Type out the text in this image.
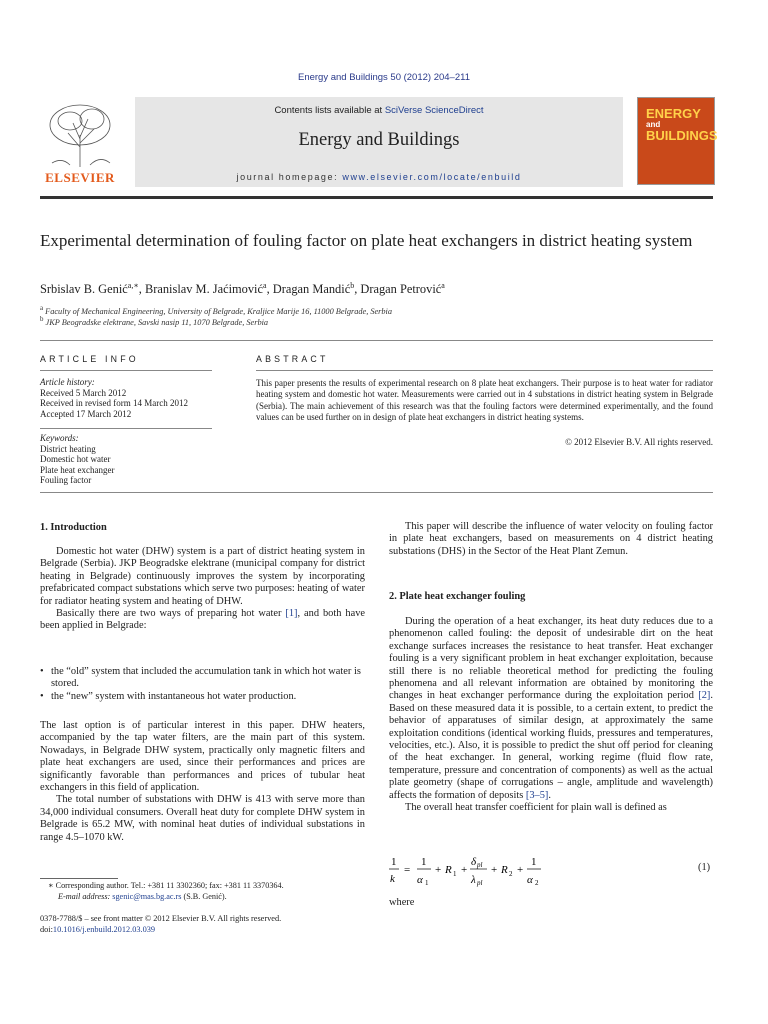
Energy and Buildings 50 (2012) 204–211
ELSEVIER
Contents lists available at SciVerse ScienceDirect
Energy and Buildings
journal homepage: www.elsevier.com/locate/enbuild
ENERGY
and
BUILDINGS
Experimental determination of fouling factor on plate heat exchangers in district heating system
Srbislav B. Genić$^{a,∗}$, Branislav M. Jaćimović$^a$, Dragan Mandić$^b$, Dragan Petrović$^a$
$^a$ Faculty of Mechanical Engineering, University of Belgrade, Kraljice Marije 16, 11000 Belgrade, Serbia
$^b$ JKP Beogradske elektrane, Savski nasip 11, 1070 Belgrade, Serbia
ARTICLE INFO
Article history:
Received 5 March 2012
Received in revised form 14 March 2012
Accepted 17 March 2012
Keywords:
District heating
Domestic hot water
Plate heat exchanger
Fouling factor
ABSTRACT
This paper presents the results of experimental research on 8 plate heat exchangers. Their purpose is to heat water for radiator heating system and domestic hot water. Measurements were carried out in 4 substations in district heating system in Belgrade (Serbia). The main achievement of this research was that the fouling factors were determined experimentally, and the found values can be used further on in design of plate heat exchangers in district heating systems.
© 2012 Elsevier B.V. All rights reserved.
1. Introduction

Domestic hot water (DHW) system is a part of district heating system in Belgrade (Serbia). JKP Beogradske elektrane (municipal company for district heating in Belgrade) continuously improves the system by incorporating prefabricated compact substations which serve two purposes: heating of water for radiator heating system and heating of DHW.

Basically there are two ways of preparing hot water [1], and both have been applied in Belgrade:

• the “old” system that included the accumulation tank in which hot water is stored.
• the “new” system with instantaneous hot water production.

The last option is of particular interest in this paper. DHW heaters, accompanied by the tap water filters, are the main part of this system. Nowadays, in Belgrade DHW system, practically only magnetic filters and plate heat exchangers are used, since their performances and prices are significantly favorable than performances and prices of tubular heat exchangers in this field of application.

The total number of substations with DHW is 413 with serve more than 34,000 individual consumers. Overall heat duty for complete DHW system in Belgrade is 65.2 MW, with nominal heat duties of individual substations in range 4.5–1070 kW.

This paper will describe the influence of water velocity on fouling factor in plate heat exchangers, based on measurements on 4 district heating substations (DHS) in the Sector of the Heat Plant Zemun.

2. Plate heat exchanger fouling

During the operation of a heat exchanger, its heat duty reduces due to a phenomenon called fouling: the deposit of undesirable dirt on the heat exchange surfaces increases the resistance to heat transfer. Heat exchanger fouling is a very significant problem in heat exchanger exploitation, because still there is no reliable theoretical method for predicting the fouling phenomena and all relevant information are obtained by monitoring the changes in heat exchanger performance during the exploitation period [2]. Based on these measured data it is possible, to a certain extent, to predict the behavior of apparatuses of similar design, at approximately the same exploitation conditions (identical working fluids, pressures and temperatures, velocities, etc.). Also, it is possible to predict the shut off period for cleaning of the heat exchanger. In general, working regime (fluid flow rate, temperature, pressure and concentration of components) as well as the actual plate geometry (shape of corrugations – angle, amplitude and wavelength) affects the formation of deposits [3–5].

The overall heat transfer coefficient for plain wall is defined as

1
k
=
1
α 1
+ R 1 +
δ pl
λ pl
+ R 2 +
1
α 2
(1)
where
∗ Corresponding author. Tel.: +381 11 3302360; fax: +381 11 3370364.
E-mail address: sgenic@mas.bg.ac.rs (S.B. Genić).
0378-7788/$ – see front matter © 2012 Elsevier B.V. All rights reserved.
doi:10.1016/j.enbuild.2012.03.039
